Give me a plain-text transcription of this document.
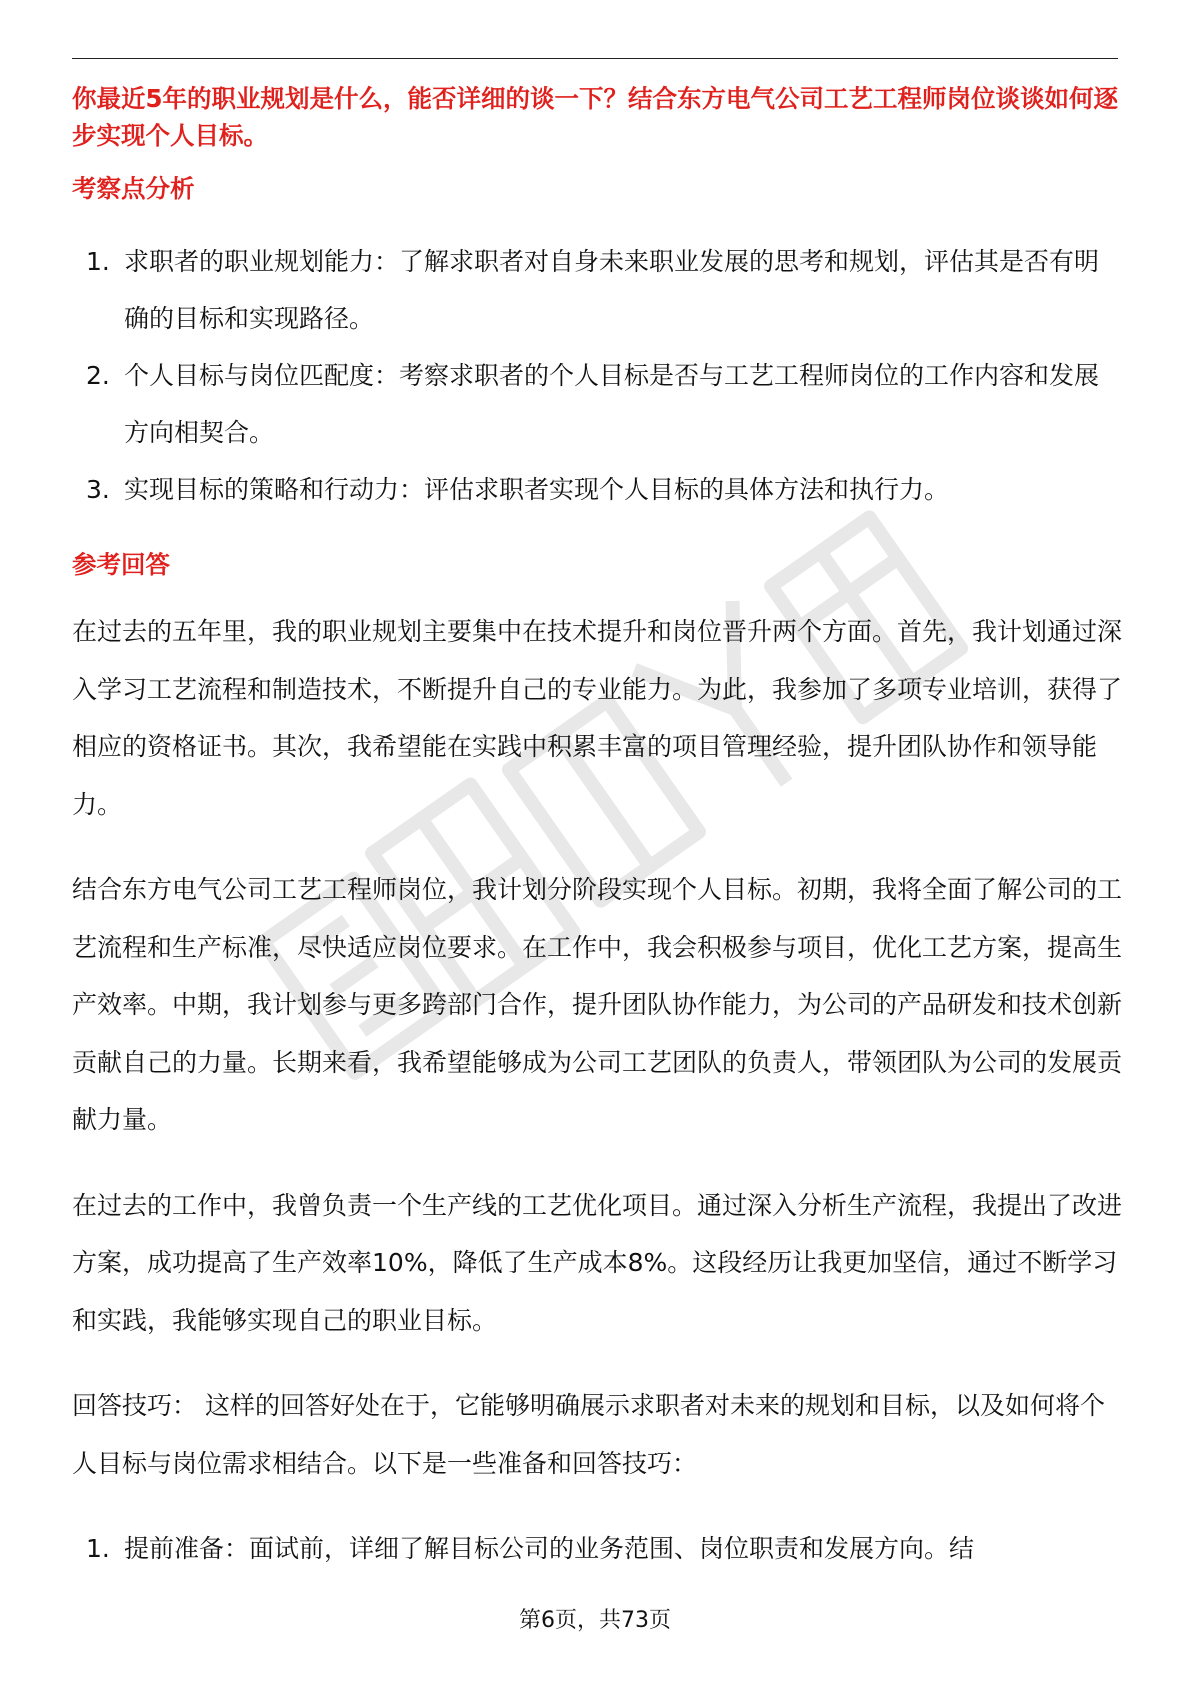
你最近5年的职业规划是什么，能否详细的谈一下？结合东方电气公司工艺工程师岗位谈谈如何逐步实现个人目标。

考察点分析
1. 求职者的职业规划能力：了解求职者对自身未来职业发展的思考和规划，评估其是否有明确的目标和实现路径。
2. 个人目标与岗位匹配度：考察求职者的个人目标是否与工艺工程师岗位的工作内容和发展方向相契合。
3. 实现目标的策略和行动力：评估求职者实现个人目标的具体方法和执行力。
参考回答

在过去的五年里，我的职业规划主要集中在技术提升和岗位晋升两个方面。首先，我计划通过深入学习工艺流程和制造技术，不断提升自己的专业能力。为此，我参加了多项专业培训，获得了相应的资格证书。其次，我希望能在实践中积累丰富的项目管理经验，提升团队协作和领导能力。

结合东方电气公司工艺工程师岗位，我计划分阶段实现个人目标。初期，我将全面了解公司的工艺流程和生产标准，尽快适应岗位要求。在工作中，我会积极参与项目，优化工艺方案，提高生产效率。中期，我计划参与更多跨部门合作，提升团队协作能力，为公司的产品研发和技术创新贡献自己的力量。长期来看，我希望能够成为公司工艺团队的负责人，带领团队为公司的发展贡献力量。

在过去的工作中，我曾负责一个生产线的工艺优化项目。通过深入分析生产流程，我提出了改进方案，成功提高了生产效率10%，降低了生产成本8%。这段经历让我更加坚信，通过不断学习和实践，我能够实现自己的职业目标。

回答技巧： 这样的回答好处在于，它能够明确展示求职者对未来的规划和目标，以及如何将个人目标与岗位需求相结合。以下是一些准备和回答技巧：

1. 提前准备：面试前，详细了解目标公司的业务范围、岗位职责和发展方向。结
第6页，共73页
